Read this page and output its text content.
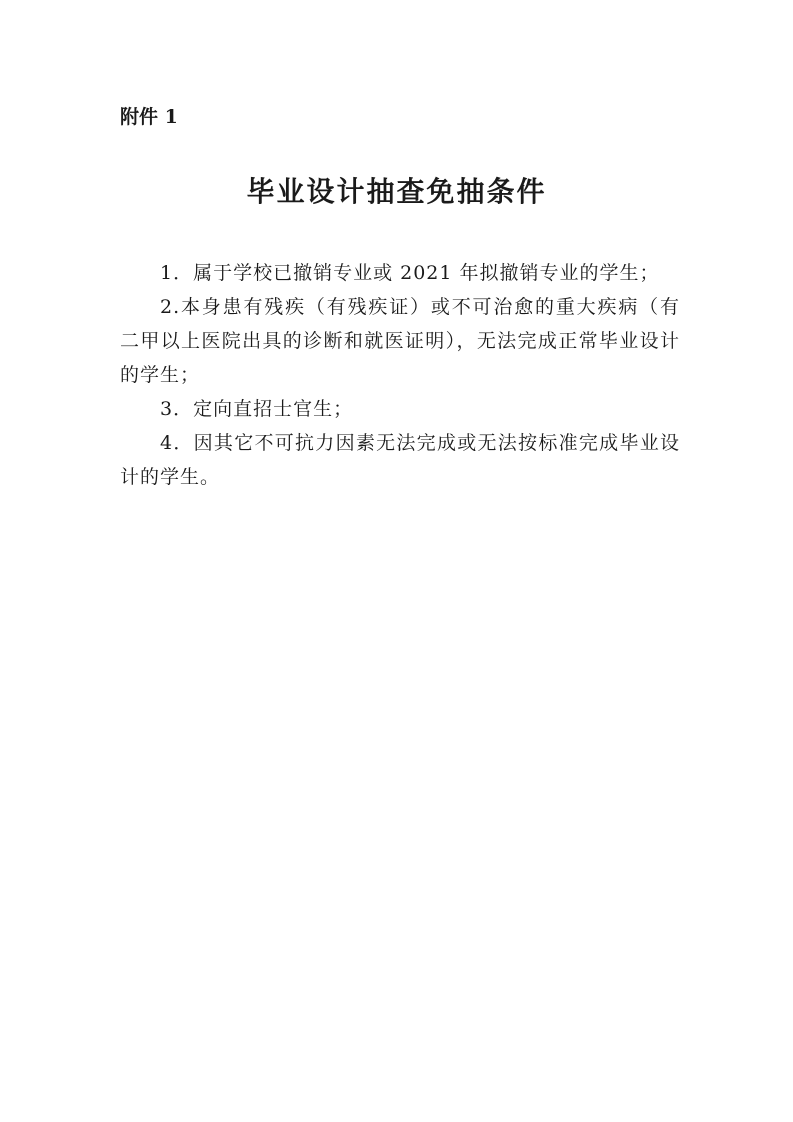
附件 1
毕业设计抽查免抽条件

1．属于学校已撤销专业或 2021 年拟撤销专业的学生；

2.本身患有残疾（有残疾证）或不可治愈的重大疾病（有二甲以上医院出具的诊断和就医证明），无法完成正常毕业设计的学生；

3．定向直招士官生；

4．因其它不可抗力因素无法完成或无法按标准完成毕业设计的学生。
